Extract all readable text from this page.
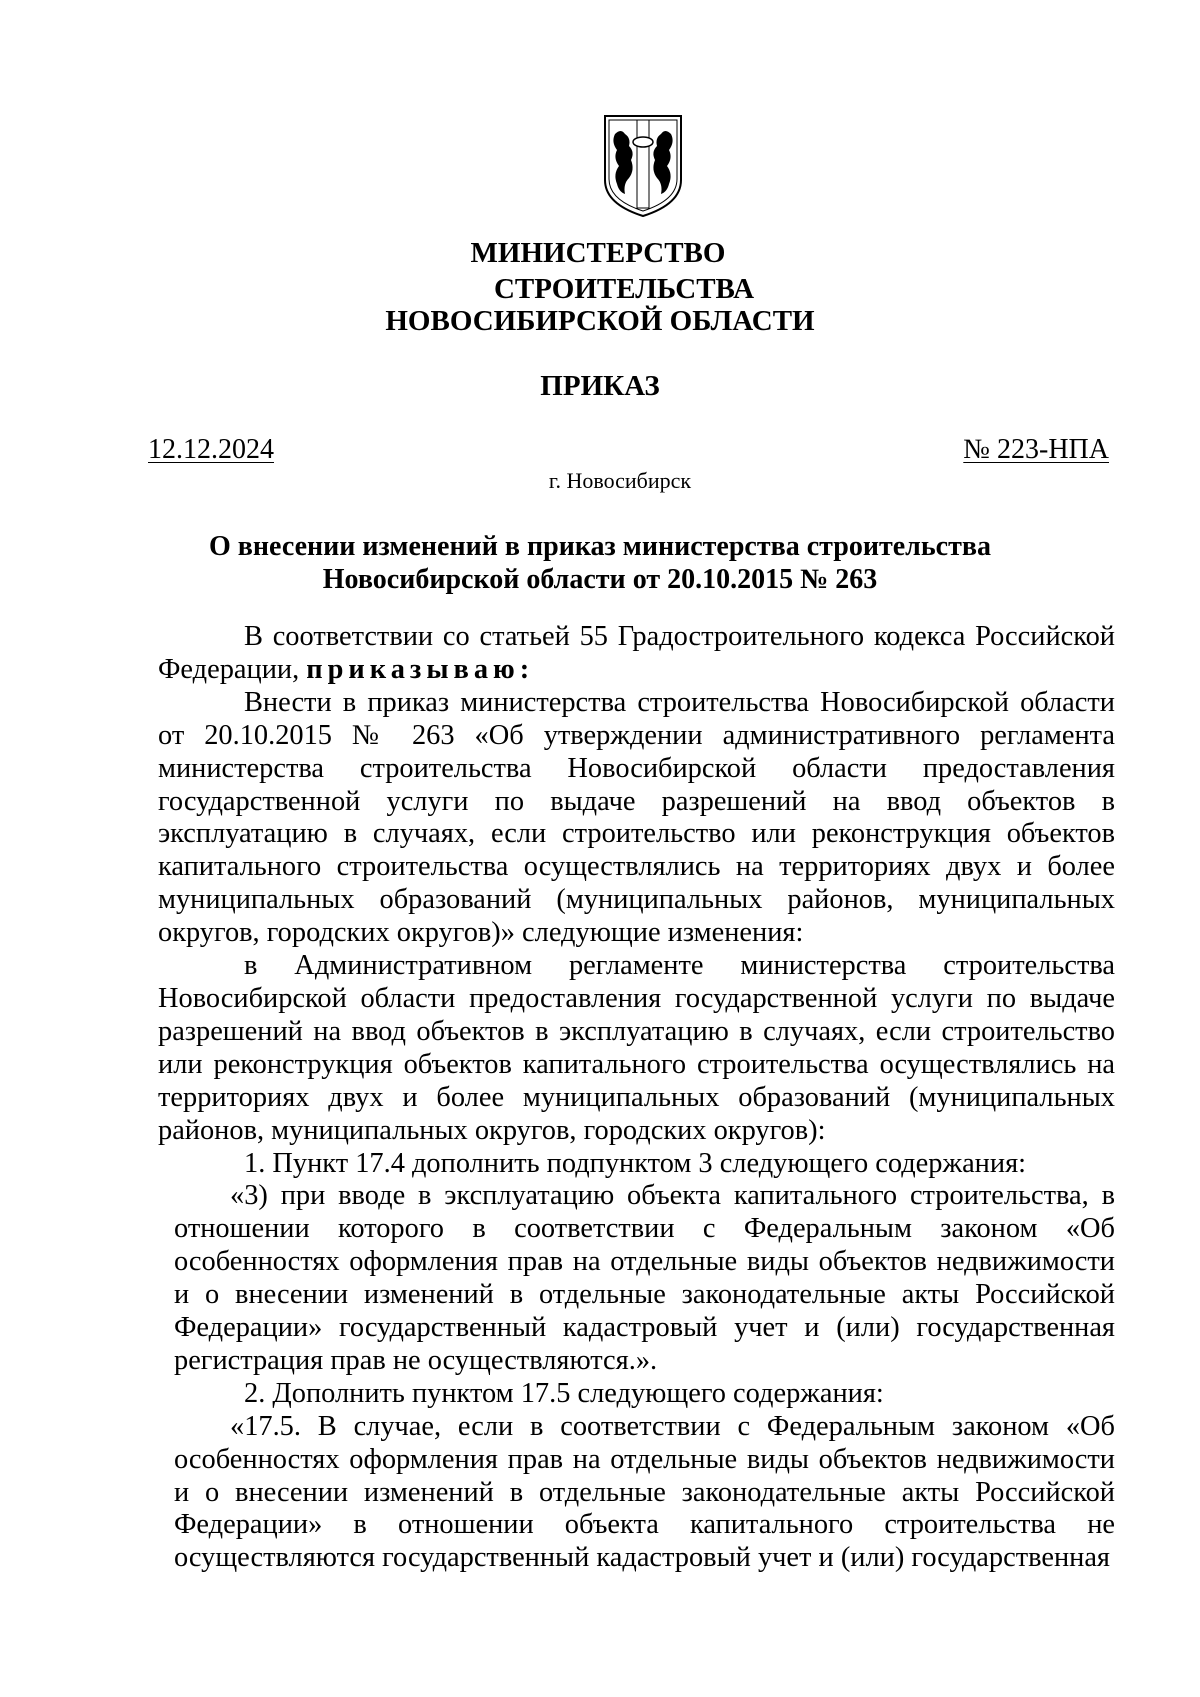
МИНИСТЕРСТВО
СТРОИТЕЛЬСТВА
НОВОСИБИРСКОЙ ОБЛАСТИ
ПРИКАЗ
12.12.2024	№ 223-НПА
г. Новосибирск
О внесении изменений в приказ министерства строительства
Новосибирской области от 20.10.2015 № 263

В соответствии со статьей 55 Градостроительного кодекса Российской Федерации, приказываю:

Внести в приказ министерства строительства Новосибирской области от 20.10.2015 № 263 «Об утверждении административного регламента министерства строительства Новосибирской области предоставления государственной услуги по выдаче разрешений на ввод объектов в эксплуатацию в случаях, если строительство или реконструкция объектов капитального строительства осуществлялись на территориях двух и более муниципальных образований (муниципальных районов, муниципальных округов, городских округов)» следующие изменения:

в Административном регламенте министерства строительства Новосибирской области предоставления государственной услуги по выдаче разрешений на ввод объектов в эксплуатацию в случаях, если строительство или реконструкция объектов капитального строительства осуществлялись на территориях двух и более муниципальных образований (муниципальных районов, муниципальных округов, городских округов):

1. Пункт 17.4 дополнить подпунктом 3 следующего содержания:

«3) при вводе в эксплуатацию объекта капитального строительства, в отношении которого в соответствии с Федеральным законом «Об особенностях оформления прав на отдельные виды объектов недвижимости и о внесении изменений в отдельные законодательные акты Российской Федерации» государственный кадастровый учет и (или) государственная регистрация прав не осуществляются.».

2. Дополнить пунктом 17.5 следующего содержания:

«17.5. В случае, если в соответствии с Федеральным законом «Об особенностях оформления прав на отдельные виды объектов недвижимости и о внесении изменений в отдельные законодательные акты Российской Федерации» в отношении объекта капитального строительства не осуществляются государственный кадастровый учет и (или) государственная
